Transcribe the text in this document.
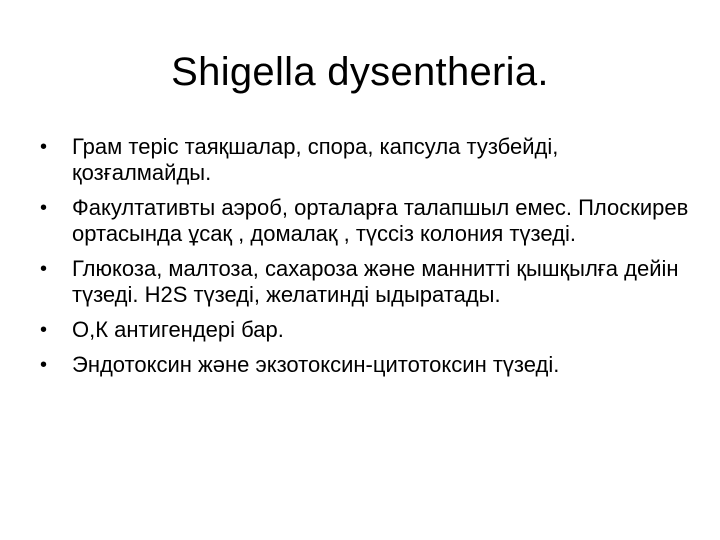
Shigella dysentheria.
•	Грам теріс таяқшалар, спора, капсула тузбейді, қозғалмайды.
•	Факултативты аэроб, орталарға талапшыл емес. Плоскирев ортасында ұсақ , домалақ , түссіз колония түзеді.
•	Глюкоза, малтоза, сахароза және маннитті қышқылға дейін түзеді. H2S түзеді, желатинді ыдыратады.
•	О,К антигендері бар.
•	Эндотоксин және экзотоксин-цитотоксин түзеді.
